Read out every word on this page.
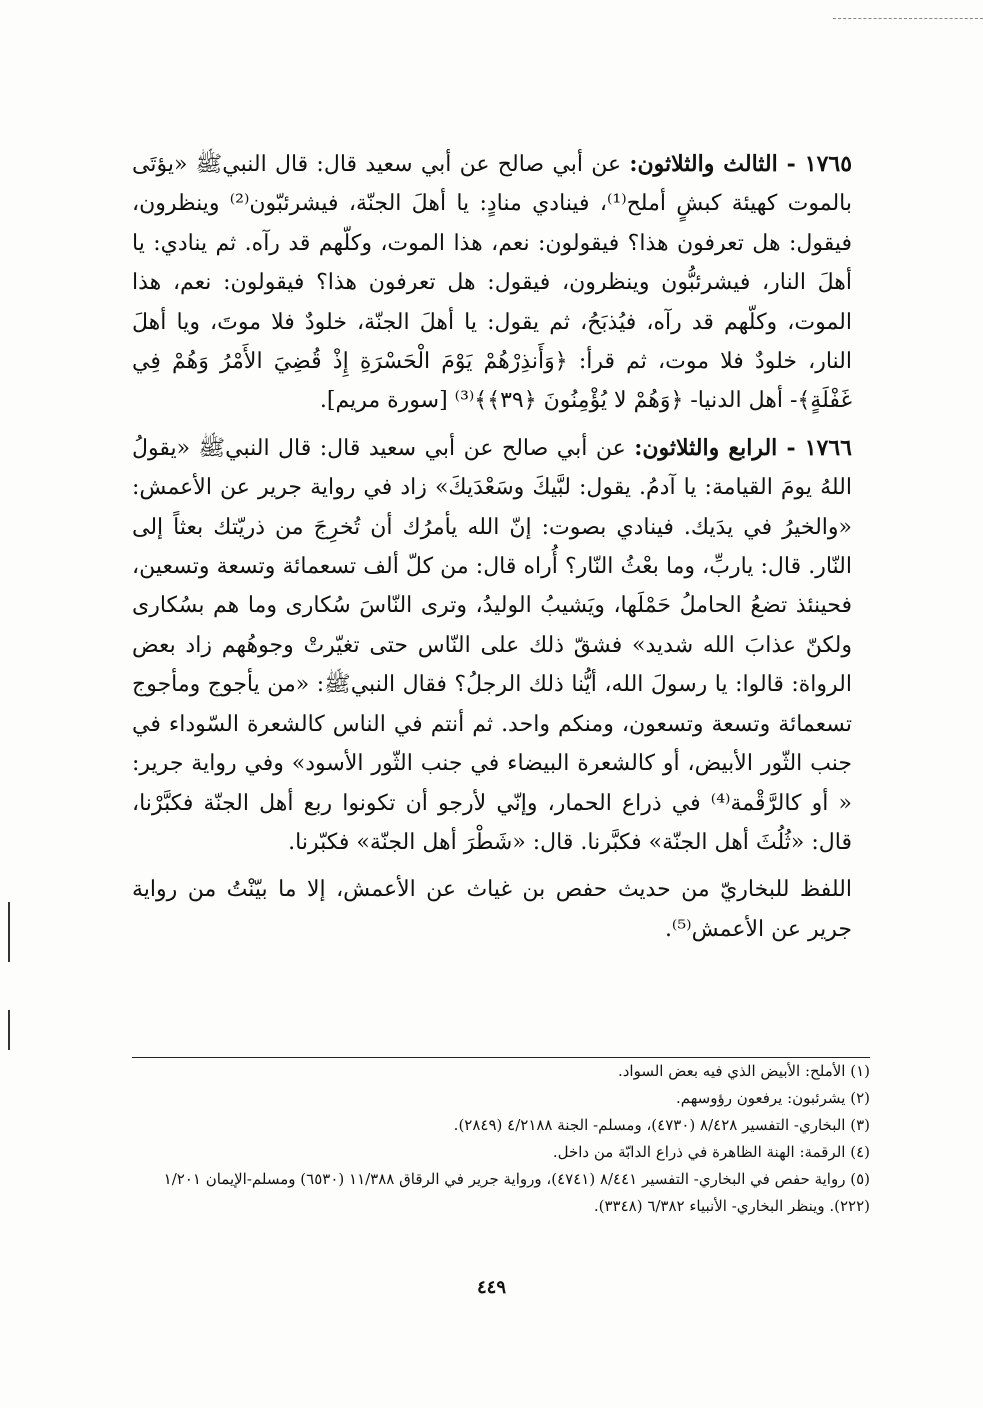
١٧٦٥ - الثالث والثلاثون: عن أبي صالح عن أبي سعيد قال: قال النبيﷺ «يؤتَى بالموت كهيئة كبشٍ أملح⁽¹⁾، فينادي منادٍ: يا أهلَ الجنّة، فيشرئبّون⁽²⁾ وينظرون، فيقول: هل تعرفون هذا؟ فيقولون: نعم، هذا الموت، وكلّهم قد رآه. ثم ينادي: يا أهلَ النار، فيشرئبُّون وينظرون، فيقول: هل تعرفون هذا؟ فيقولون: نعم، هذا الموت، وكلّهم قد رآه، فيُذبَحُ، ثم يقول: يا أهلَ الجنّة، خلودٌ فلا موتَ، ويا أهلَ النار، خلودٌ فلا موت، ثم قرأ: ﴿وَأَنذِرْهُمْ يَوْمَ الْحَسْرَةِ إِذْ قُضِيَ الأَمْرُ وَهُمْ فِي غَفْلَةٍ﴾- أهل الدنيا- ﴿وَهُمْ لا يُؤْمِنُونَ ﴿٣٩﴾﴾⁽³⁾ [سورة مريم].

١٧٦٦ - الرابع والثلاثون: عن أبي صالح عن أبي سعيد قال: قال النبيﷺ «يقولُ اللهُ يومَ القيامة: يا آدمُ. يقول: لبَّيكَ وسَعْدَيكَ» زاد في رواية جرير عن الأعمش: «والخيرُ في يدَيك. فينادي بصوت: إنّ الله يأمرُك أن تُخرِجَ من ذريّتك بعثاً إلى النّار. قال: ياربِّ، وما بعْثُ النّار؟ أُراه قال: من كلّ ألف تسعمائة وتسعة وتسعين، فحينئذ تضعُ الحاملُ حَمْلَها، ويَشيبُ الوليدُ، وترى النّاسَ سُكارى وما هم بسُكارى ولكنّ عذابَ الله شديد» فشقّ ذلك على النّاس حتى تغيّرتْ وجوهُهم زاد بعض الرواة: قالوا: يا رسولَ الله، أيُّنا ذلك الرجلُ؟ فقال النبيﷺ: «من يأجوج ومأجوج تسعمائة وتسعة وتسعون، ومنكم واحد. ثم أنتم في الناس كالشعرة السّوداء في جنب الثّور الأبيض، أو كالشعرة البيضاء في جنب الثّور الأسود» وفي رواية جرير: « أو كالرَّقْمة⁽⁴⁾ في ذراع الحمار، وإنّي لأرجو أن تكونوا ربع أهل الجنّة فكبَّرْنا، قال: «ثُلُثَ أهل الجنّة» فكبَّرنا. قال: «شَطْرَ أهل الجنّة» فكبّرنا.

اللفظ للبخاريّ من حديث حفص بن غياث عن الأعمش، إلا ما بيّنْتُ من رواية جرير عن الأعمش⁽⁵⁾.

(١) الأملح: الأبيض الذي فيه بعض السواد.

(٢) يشرئبون: يرفعون رؤوسهم.

(٣) البخاري- التفسير ٨/٤٢٨ (٤٧٣٠)، ومسلم- الجنة ٤/٢١٨٨ (٢٨٤٩).

(٤) الرقمة: الهنة الظاهرة في ذراع الدابّة من داخل.

(٥) رواية حفص في البخاري- التفسير ٨/٤٤١ (٤٧٤١)، ورواية جرير في الرقاق ١١/٣٨٨ (٦٥٣٠) ومسلم-الإيمان ١/٢٠١ (٢٢٢). وينظر البخاري- الأنبياء ٦/٣٨٢ (٣٣٤٨).

٤٤٩
